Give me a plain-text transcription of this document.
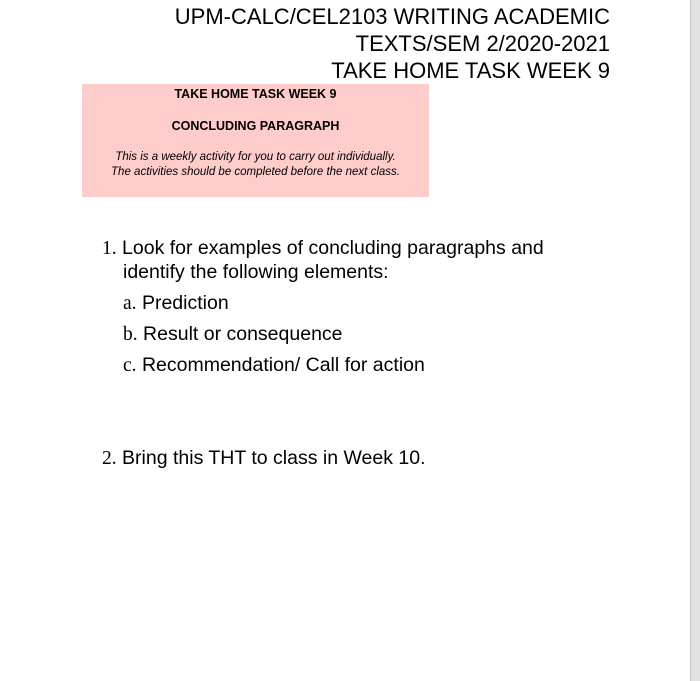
UPM-CALC/CEL2103 WRITING ACADEMIC
TEXTS/SEM 2/2020-2021
TAKE HOME TASK WEEK 9
TAKE HOME TASK WEEK 9
CONCLUDING PARAGRAPH
This is a weekly activity for you to carry out individually.
The activities should be completed before the next class.
1. Look for examples of concluding paragraphs and
identify the following elements:
a. Prediction
b. Result or consequence
c. Recommendation/ Call for action
2. Bring this THT to class in Week 10.
